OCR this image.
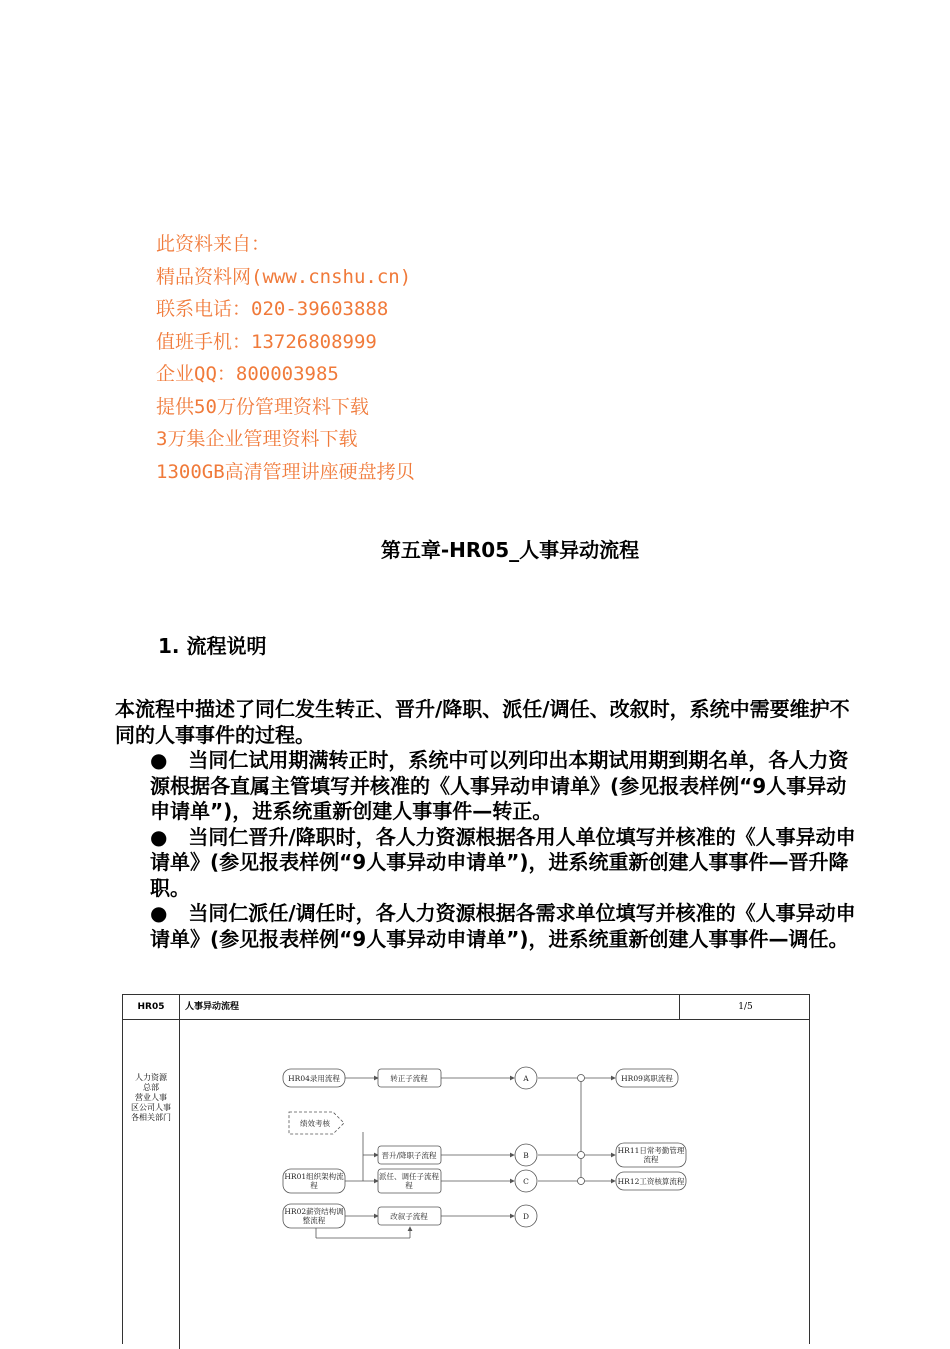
此资料来自：
精品资料网(www.cnshu.cn)
联系电话：020-39603888
值班手机：13726808999
企业QQ：800003985
提供50万份管理资料下载
3万集企业管理资料下载
1300GB高清管理讲座硬盘拷贝
第五章-HR05_人事异动流程
1. 流程说明

本流程中描述了同仁发生转正、晋升/降职、派任/调任、改叙时，系统中需要维护不同的人事事件的过程。

● 当同仁试用期满转正时，系统中可以列印出本期试用期到期名单，各人力资源根据各直属主管填写并核准的《人事异动申请单》(参见报表样例“9人事异动申请单”)，进系统重新创建人事事件—转正。

● 当同仁晋升/降职时，各人力资源根据各用人单位填写并核准的《人事异动申请单》(参见报表样例“9人事异动申请单”)，进系统重新创建人事事件—晋升降职。

● 当同仁派任/调任时，各人力资源根据各需求单位填写并核准的《人事异动申请单》(参见报表样例“9人事异动申请单”)，进系统重新创建人事事件—调任。

HR05	人事异动流程	1/5
人力资源
总部
营业人事
区公司人事
各相关部门
HR04录用流程	转正子流程	A	HR09离职流程
绩效考核
晋升/降职子流程	B
HR11日常考勤管理
流程
HR01组织架构流
程
派任、调任子流程
程	C	HR12工资核算流程
HR02薪资结构调
整流程	改叙子流程	D
